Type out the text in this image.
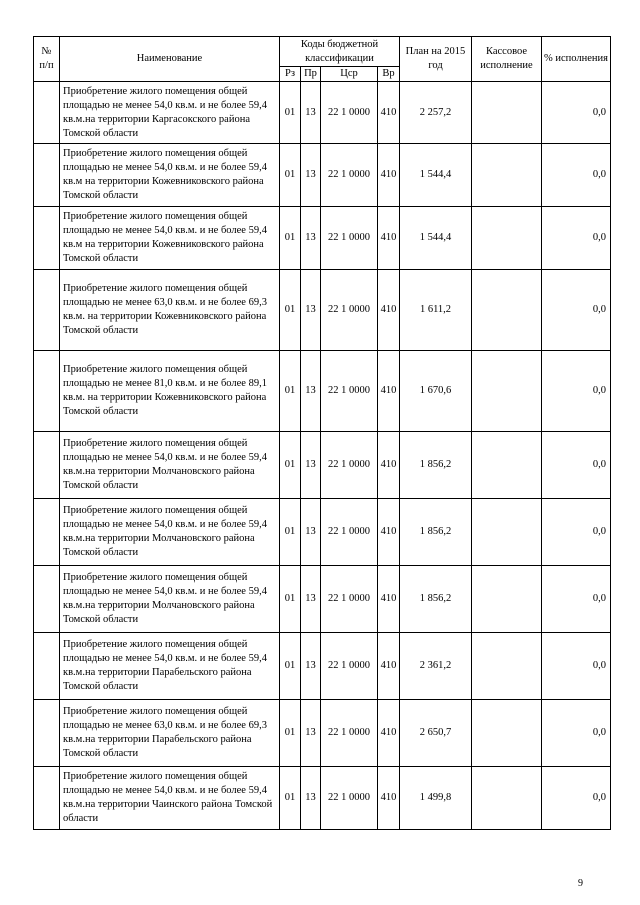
№ п/п	Наименование	Коды бюджетной классификации				План на 2015 год	Кассовое исполнение	% исполнения
		Рз	Пр	Цср	Вр			
	Приобретение жилого помещения общей площадью не менее 54,0 кв.м. и не более 59,4 кв.м.на территории Каргасокского района Томской области	01	13	22 1 0000	410	2 257,2		0,0
	Приобретение жилого помещения общей площадью не менее 54,0 кв.м. и не более 59,4 кв.м на территории Кожевниковского района Томской области	01	13	22 1 0000	410	1 544,4		0,0
	Приобретение жилого помещения общей площадью не менее 54,0 кв.м. и не более 59,4 кв.м на территории Кожевниковского района Томской области	01	13	22 1 0000	410	1 544,4		0,0
	Приобретение жилого помещения общей площадью не менее 63,0 кв.м. и не более 69,3 кв.м. на территории Кожевниковского района Томской области	01	13	22 1 0000	410	1 611,2		0,0
	Приобретение жилого помещения общей площадью не менее 81,0 кв.м. и не более 89,1 кв.м. на территории Кожевниковского района Томской области	01	13	22 1 0000	410	1 670,6		0,0
	Приобретение жилого помещения общей площадью не менее 54,0 кв.м. и не более 59,4 кв.м.на территории Молчановского района Томской области	01	13	22 1 0000	410	1 856,2		0,0
	Приобретение жилого помещения общей площадью не менее 54,0 кв.м. и не более 59,4 кв.м.на территории Молчановского района Томской области	01	13	22 1 0000	410	1 856,2		0,0
	Приобретение жилого помещения общей площадью не менее 54,0 кв.м. и не более 59,4 кв.м.на территории Молчановского района Томской области	01	13	22 1 0000	410	1 856,2		0,0
	Приобретение жилого помещения общей площадью не менее 54,0 кв.м. и не более 59,4 кв.м.на территории Парабельского района Томской области	01	13	22 1 0000	410	2 361,2		0,0
	Приобретение жилого помещения общей площадью не менее 63,0 кв.м. и не более 69,3 кв.м.на территории Парабельского района Томской области	01	13	22 1 0000	410	2 650,7		0,0
	Приобретение жилого помещения общей площадью не менее 54,0 кв.м. и не более 59,4 кв.м.на территории Чаинского района Томской области	01	13	22 1 0000	410	1 499,8		0,0
9
